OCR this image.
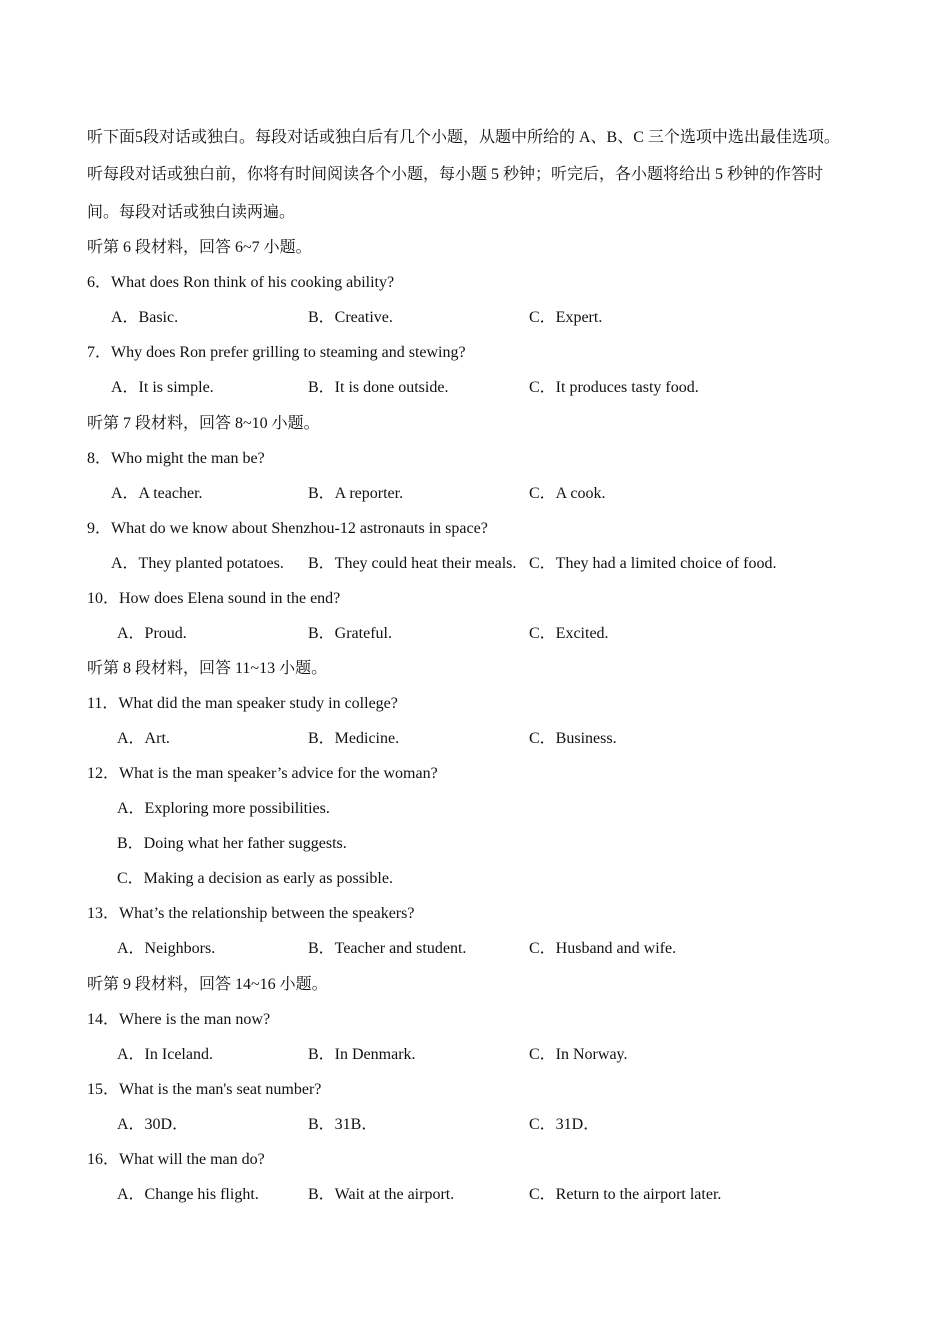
听下面5段对话或独白。每段对话或独白后有几个小题，从题中所给的 A、B、C 三个选项中选出最佳选项。
听每段对话或独白前，你将有时间阅读各个小题，每小题 5 秒钟；听完后，各小题将给出 5 秒钟的作答时
间。每段对话或独白读两遍。
听第 6 段材料，回答 6~7 小题。
6．What does Ron think of his cooking ability?
A．Basic.	B．Creative.	C．Expert.
7．Why does Ron prefer grilling to steaming and stewing?
A．It is simple.	B．It is done outside.	C．It produces tasty food.
听第 7 段材料，回答 8~10 小题。
8．Who might the man be?
A．A teacher.	B．A reporter.	C．A cook.
9．What do we know about Shenzhou-12 astronauts in space?
A．They planted potatoes. B．They could heat their meals. C．They had a limited choice of food.
10．How does Elena sound in the end?
A．Proud.	B．Grateful.	C．Excited.
听第 8 段材料，回答 11~13 小题。
11．What did the man speaker study in college?
A．Art.	B．Medicine.	C．Business.
12．What is the man speaker’s advice for the woman?
A．Exploring more possibilities.
B．Doing what her father suggests.
C．Making a decision as early as possible.
13．What’s the relationship between the speakers?
A．Neighbors.	B．Teacher and student.	C．Husband and wife.
听第 9 段材料，回答 14~16 小题。
14．Where is the man now?
A．In Iceland.	B．In Denmark.	C．In Norway.
15．What is the man's seat number?
A．30D．	B．31B．	C．31D．
16．What will the man do?
A．Change his flight.	B．Wait at the airport.	C．Return to the airport later.
